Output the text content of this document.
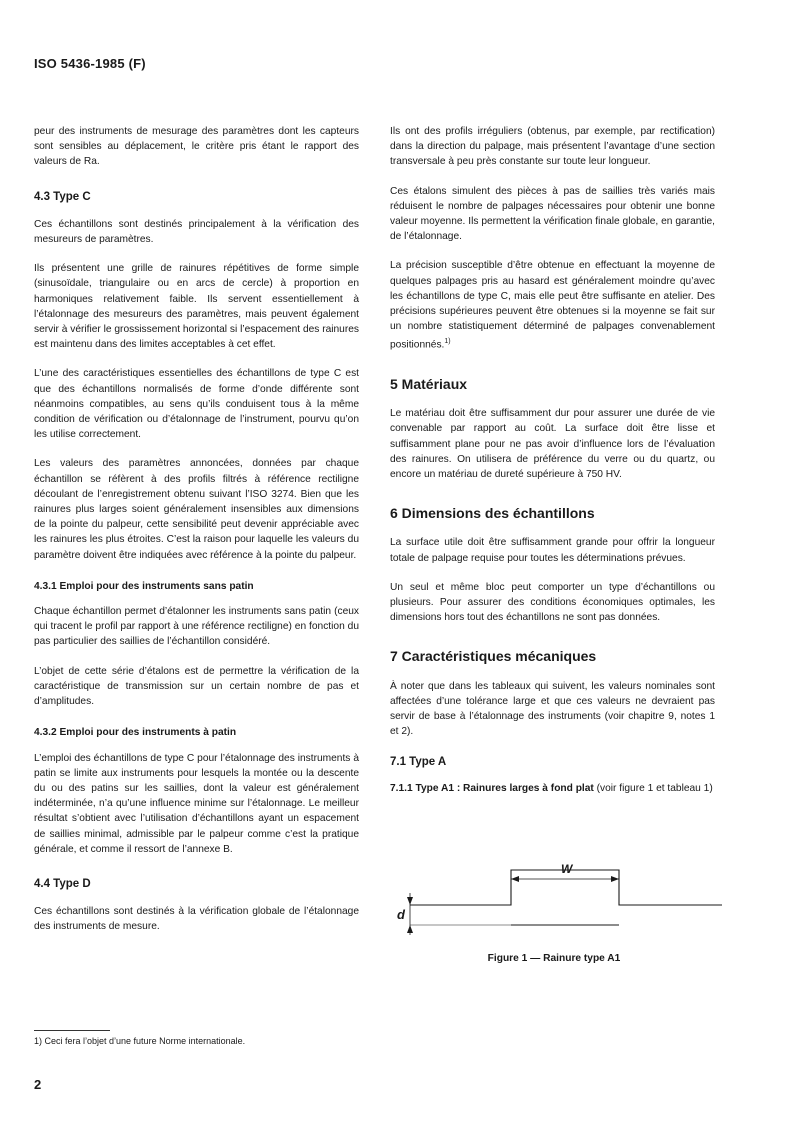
ISO 5436-1985 (F)

peur des instruments de mesurage des paramètres dont les capteurs sont sensibles au déplacement, le critère pris étant le rapport des valeurs de Ra.

4.3 Type C

Ces échantillons sont destinés principalement à la vérification des mesureurs de paramètres.

Ils présentent une grille de rainures répétitives de forme simple (sinusoïdale, triangulaire ou en arcs de cercle) à proportion en harmoniques relativement faible. Ils servent essentiellement à l’étalonnage des mesureurs des paramètres, mais peuvent également servir à vérifier le grossissement horizontal si l’espacement des rainures est maintenu dans des limites acceptables à cet effet.

L’une des caractéristiques essentielles des échantillons de type C est que des échantillons normalisés de forme d’onde différente sont néanmoins compatibles, au sens qu’ils conduisent tous à la même condition de vérification ou d’étalonnage de l’instrument, pourvu qu’on les utilise correctement.

Les valeurs des paramètres annoncées, données par chaque échantillon se réfèrent à des profils filtrés à référence rectiligne découlant de l’enregistrement obtenu suivant l’ISO 3274. Bien que les rainures plus larges soient généralement insensibles aux dimensions de la pointe du palpeur, cette sensibilité peut devenir appréciable avec les rainures les plus étroites. C’est la raison pour laquelle les valeurs du paramètre doivent être indiquées avec référence à la pointe du palpeur.

4.3.1 Emploi pour des instruments sans patin

Chaque échantillon permet d’étalonner les instruments sans patin (ceux qui tracent le profil par rapport à une référence rectiligne) en fonction du pas particulier des saillies de l’échantillon considéré.

L’objet de cette série d’étalons est de permettre la vérification de la caractéristique de transmission sur un certain nombre de pas et d’amplitudes.

4.3.2 Emploi pour des instruments à patin

L’emploi des échantillons de type C pour l’étalonnage des instruments à patin se limite aux instruments pour lesquels la montée ou la descente du ou des patins sur les saillies, dont la valeur est généralement indéterminée, n’a qu’une influence minime sur l’étalonnage. Le meilleur résultat s’obtient avec l’utilisation d’échantillons ayant un espacement de saillies minimal, admissible par le palpeur comme c’est la pratique générale, et comme il ressort de l’annexe B.

4.4 Type D

Ces échantillons sont destinés à la vérification globale de l’étalonnage des instruments de mesure.

Ils ont des profils irréguliers (obtenus, par exemple, par rectification) dans la direction du palpage, mais présentent l’avantage d’une section transversale à peu près constante sur toute leur longueur.

Ces étalons simulent des pièces à pas de saillies très variés mais réduisent le nombre de palpages nécessaires pour obtenir une bonne valeur moyenne. Ils permettent la vérification finale globale, en garantie, de l’étalonnage.

La précision susceptible d’être obtenue en effectuant la moyenne de quelques palpages pris au hasard est généralement moindre qu’avec les échantillons de type C, mais elle peut être suffisante en atelier. Des précisions supérieures peuvent être obtenues si la moyenne se fait sur un nombre statistiquement déterminé de palpages convenablement positionnés.$^{1)}$

5 Matériaux

Le matériau doit être suffisamment dur pour assurer une durée de vie convenable par rapport au coût. La surface doit être lisse et suffisamment plane pour ne pas avoir d’influence lors de l’évaluation des rainures. On utilisera de préférence du verre ou du quartz, ou encore un matériau de dureté supérieure à 750 HV.

6 Dimensions des échantillons

La surface utile doit être suffisamment grande pour offrir la longueur totale de palpage requise pour toutes les déterminations prévues.

Un seul et même bloc peut comporter un type d’échantillons ou plusieurs. Pour assurer des conditions économiques optimales, les dimensions hors tout des échantillons ne sont pas données.

7 Caractéristiques mécaniques

À noter que dans les tableaux qui suivent, les valeurs nominales sont affectées d’une tolérance large et que ces valeurs ne devraient pas servir de base à l’étalonnage des instruments (voir chapitre 9, notes 1 et 2).

7.1 Type A

7.1.1 Type A1 : Rainures larges à fond plat (voir figure 1 et tableau 1)

W
d
Figure 1 — Rainure type A1
1) Ceci fera l’objet d’une future Norme internationale.
2
